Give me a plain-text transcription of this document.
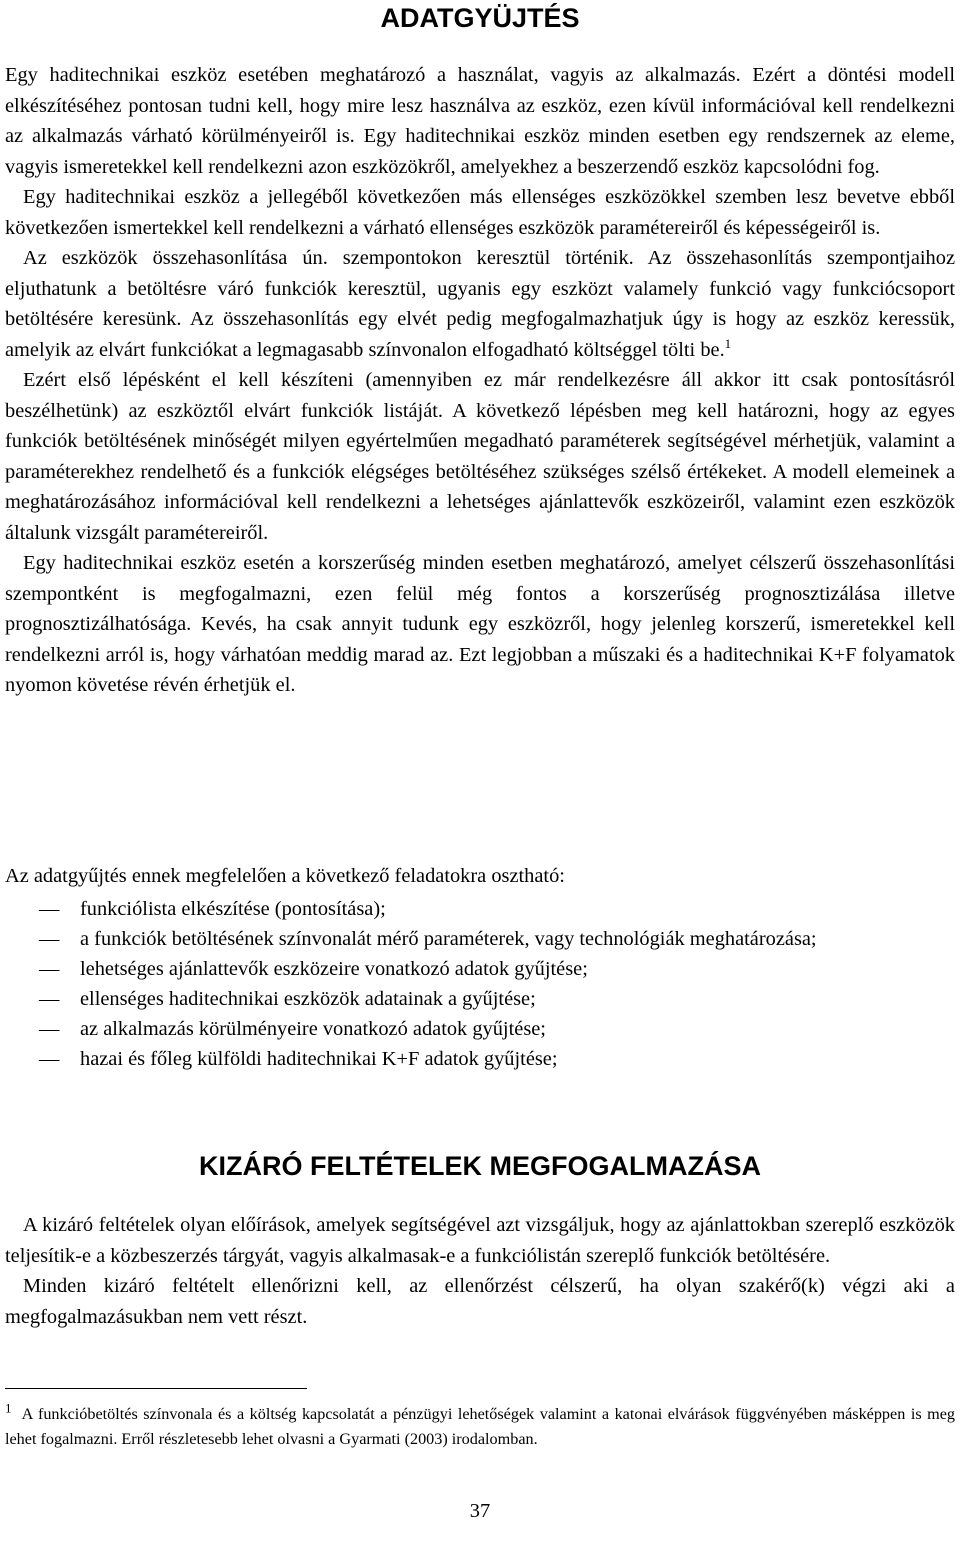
ADATGYÜJTÉS

Egy haditechnikai eszköz esetében meghatározó a használat, vagyis az alkalmazás. Ezért a döntési modell elkészítéséhez pontosan tudni kell, hogy mire lesz használva az eszköz, ezen kívül információval kell rendelkezni az alkalmazás várható körülményeiről is. Egy haditechnikai eszköz minden esetben egy rendszernek az eleme, vagyis ismeretekkel kell rendelkezni azon eszközökről, amelyekhez a beszerzendő eszköz kapcsolódni fog.

Egy haditechnikai eszköz a jellegéből következően más ellenséges eszközökkel szemben lesz bevetve ebből következően ismertekkel kell rendelkezni a várható ellenséges eszközök paramétereiről és képességeiről is.

Az eszközök összehasonlítása ún. szempontokon keresztül történik. Az összehasonlítás szempontjaihoz eljuthatunk a betöltésre váró funkciók keresztül, ugyanis egy eszközt valamely funkció vagy funkciócsoport betöltésére keresünk. Az összehasonlítás egy elvét pedig megfogalmazhatjuk úgy is hogy az eszköz keressük, amelyik az elvárt funkciókat a legmagasabb színvonalon elfogadható költséggel tölti be.$^1$

Ezért első lépésként el kell készíteni (amennyiben ez már rendelkezésre áll akkor itt csak pontosításról beszélhetünk) az eszköztől elvárt funkciók listáját. A következő lépésben meg kell határozni, hogy az egyes funkciók betöltésének minőségét milyen egyértelműen megadható paraméterek segítségével mérhetjük, valamint a paraméterekhez rendelhető és a funkciók elégséges betöltéséhez szükséges szélső értékeket. A modell elemeinek a meghatározásához információval kell rendelkezni a lehetséges ajánlattevők eszközeiről, valamint ezen eszközök általunk vizsgált paramétereiről.

Egy haditechnikai eszköz esetén a korszerűség minden esetben meghatározó, amelyet célszerű összehasonlítási szempontként is megfogalmazni, ezen felül még fontos a korszerűség prognosztizálása illetve prognosztizálhatósága. Kevés, ha csak annyit tudunk egy eszközről, hogy jelenleg korszerű, ismeretekkel kell rendelkezni arról is, hogy várhatóan meddig marad az. Ezt legjobban a műszaki és a haditechnikai K+F folyamatok nyomon követése révén érhetjük el.

Az adatgyűjtés ennek megfelelően a következő feladatokra osztható:

— funkciólista elkészítése (pontosítása);
— a funkciók betöltésének színvonalát mérő paraméterek, vagy technológiák meghatározása;
— lehetséges ajánlattevők eszközeire vonatkozó adatok gyűjtése;
— ellenséges haditechnikai eszközök adatainak a gyűjtése;
— az alkalmazás körülményeire vonatkozó adatok gyűjtése;
— hazai és főleg külföldi haditechnikai K+F adatok gyűjtése;
KIZÁRÓ FELTÉTELEK MEGFOGALMAZÁSA

A kizáró feltételek olyan előírások, amelyek segítségével azt vizsgáljuk, hogy az ajánlattokban szereplő eszközök teljesítik-e a közbeszerzés tárgyát, vagyis alkalmasak-e a funkciólistán szereplő funkciók betöltésére.

Minden kizáró feltételt ellenőrizni kell, az ellenőrzést célszerű, ha olyan szakérő(k) végzi aki a megfogalmazásukban nem vett részt.

$^1$ A funkcióbetöltés színvonala és a költség kapcsolatát a pénzügyi lehetőségek valamint a katonai elvárások függvényében másképpen is meg lehet fogalmazni. Erről részletesebb lehet olvasni a Gyarmati (2003) irodalomban.

37
